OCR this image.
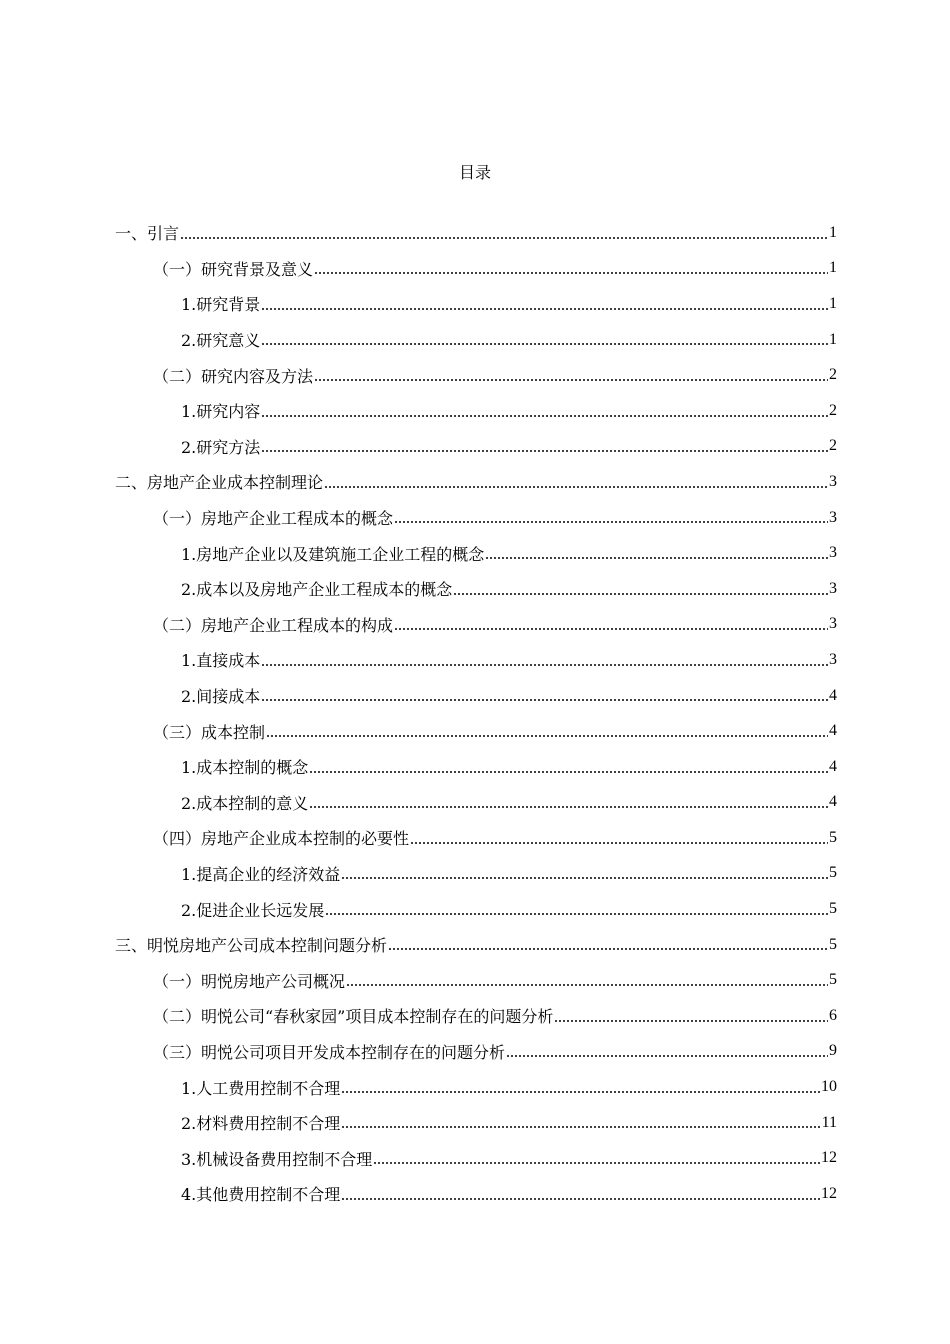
目录
一、引言	1
（一）研究背景及意义	1
1.研究背景	1
2.研究意义	1
（二）研究内容及方法	2
1.研究内容	2
2.研究方法	2
二、房地产企业成本控制理论	3
（一）房地产企业工程成本的概念	3
1.房地产企业以及建筑施工企业工程的概念	3
2.成本以及房地产企业工程成本的概念	3
（二）房地产企业工程成本的构成	3
1.直接成本	3
2.间接成本	4
（三）成本控制	4
1.成本控制的概念	4
2.成本控制的意义	4
（四）房地产企业成本控制的必要性	5
1.提高企业的经济效益	5
2.促进企业长远发展	5
三、明悦房地产公司成本控制问题分析	5
（一）明悦房地产公司概况	5
（二）明悦公司“春秋家园”项目成本控制存在的问题分析	6
（三）明悦公司项目开发成本控制存在的问题分析	9
1.人工费用控制不合理	10
2.材料费用控制不合理	11
3.机械设备费用控制不合理	12
4.其他费用控制不合理	12
